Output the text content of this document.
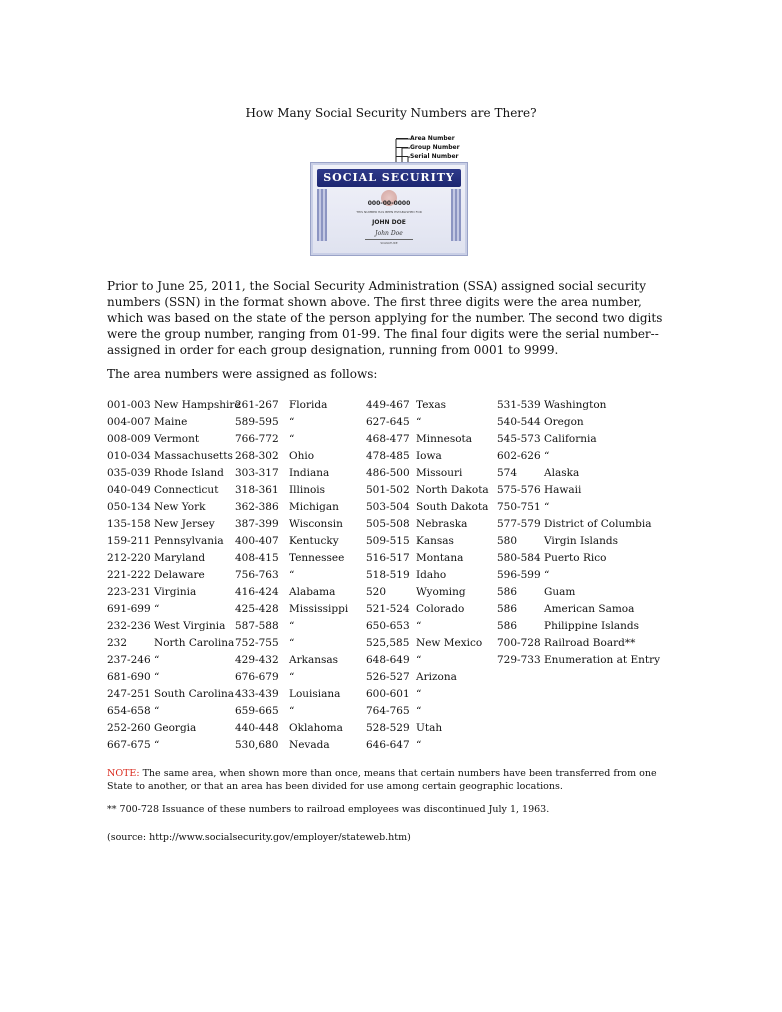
How Many Social Security Numbers are There?
Area Number
Group Number
Serial Number
SOCIAL SECURITY
000-00-0000
THIS NUMBER HAS BEEN ESTABLISHED FOR
JOHN DOE
John Doe
SIGNATURE
Prior to June 25, 2011, the Social Security Administration (SSA) assigned social security numbers (SSN) in the format shown above. The first three digits were the area number, which was based on the state of the person applying for the number. The second two digits were the group number, ranging from 01-99. The final four digits were the serial number--assigned in order for each group designation, running from 0001 to 9999.
The area numbers were assigned as follows:
001-003 New Hampshire
004-007 Maine
008-009 Vermont
010-034 Massachusetts
035-039 Rhode Island
040-049 Connecticut
050-134 New York
135-158 New Jersey
159-211 Pennsylvania
212-220 Maryland
221-222 Delaware
223-231 Virginia
691-699 “
232-236 West Virginia
232	North Carolina
237-246 “
681-690 “
247-251 South Carolina
654-658 “
252-260 Georgia
667-675 “
261-267 Florida
589-595 “
766-772 “
268-302 Ohio
303-317 Indiana
318-361 Illinois
362-386 Michigan
387-399 Wisconsin
400-407 Kentucky
408-415 Tennessee
756-763 “
416-424 Alabama
425-428 Mississippi
587-588 “
752-755 “
429-432 Arkansas
676-679 “
433-439 Louisiana
659-665 “
440-448 Oklahoma
530,680 Nevada
449-467 Texas
627-645 “
468-477 Minnesota
478-485 Iowa
486-500 Missouri
501-502 North Dakota
503-504 South Dakota
505-508 Nebraska
509-515 Kansas
516-517 Montana
518-519 Idaho
520	Wyoming
521-524 Colorado
650-653 “
525,585 New Mexico
648-649 “
526-527 Arizona
600-601 “
764-765 “
528-529 Utah
646-647 “
531-539 Washington
540-544 Oregon
545-573 California
602-626 “
574	Alaska
575-576 Hawaii
750-751 “
577-579 District of Columbia
580	Virgin Islands
580-584 Puerto Rico
596-599 “
586	Guam
586	American Samoa
586	Philippine Islands
700-728 Railroad Board**
729-733 Enumeration at Entry
NOTE: The same area, when shown more than once, means that certain numbers have been transferred from one State to another, or that an area has been divided for use among certain geographic locations.
** 700-728 Issuance of these numbers to railroad employees was discontinued July 1, 1963.
(source: http://www.socialsecurity.gov/employer/stateweb.htm)
